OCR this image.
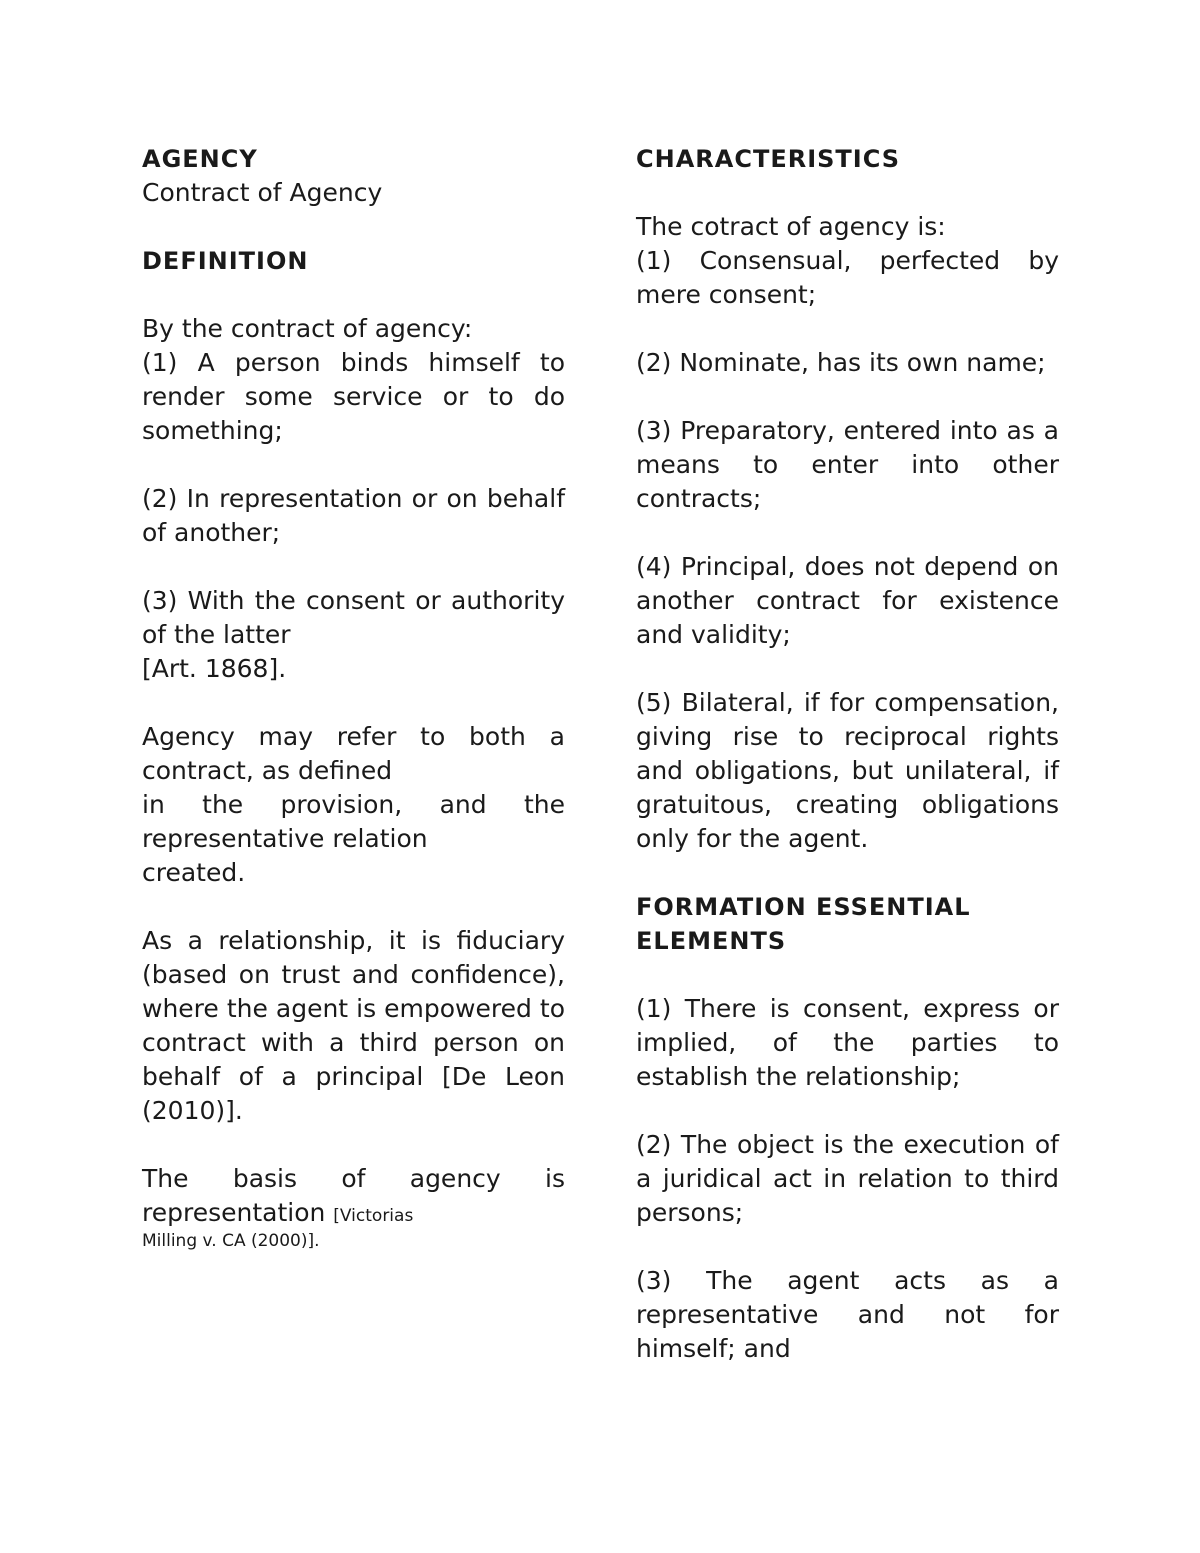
AGENCY
Contract of Agency
DEFINITION
By the contract of agency:
(1) A person binds himself to render some service or to do something;
(2) In representation or on behalf of another;
(3) With the consent or authority of the latter
[Art. 1868].
Agency may refer to both a contract, as defined
in the provision, and the representative relation
created.
As a relationship, it is fiduciary (based on trust and confidence), where the agent is empowered to contract with a third person on behalf of a principal [De Leon (2010)].
The basis of agency is
representation [Victorias
Milling v. CA (2000)].
CHARACTERISTICS
The cotract of agency is:
(1) Consensual, perfected by mere consent;
(2) Nominate, has its own name;
(3) Preparatory, entered into as a means to enter into other contracts;
(4) Principal, does not depend on another contract for existence and validity;
(5) Bilateral, if for compensation, giving rise to reciprocal rights and obligations, but unilateral, if gratuitous, creating obligations only for the agent.
FORMATION ESSENTIAL
ELEMENTS
(1) There is consent, express or implied, of the parties to establish the relationship;
(2) The object is the execution of a juridical act in relation to third persons;
(3) The agent acts as a representative and not for himself; and
